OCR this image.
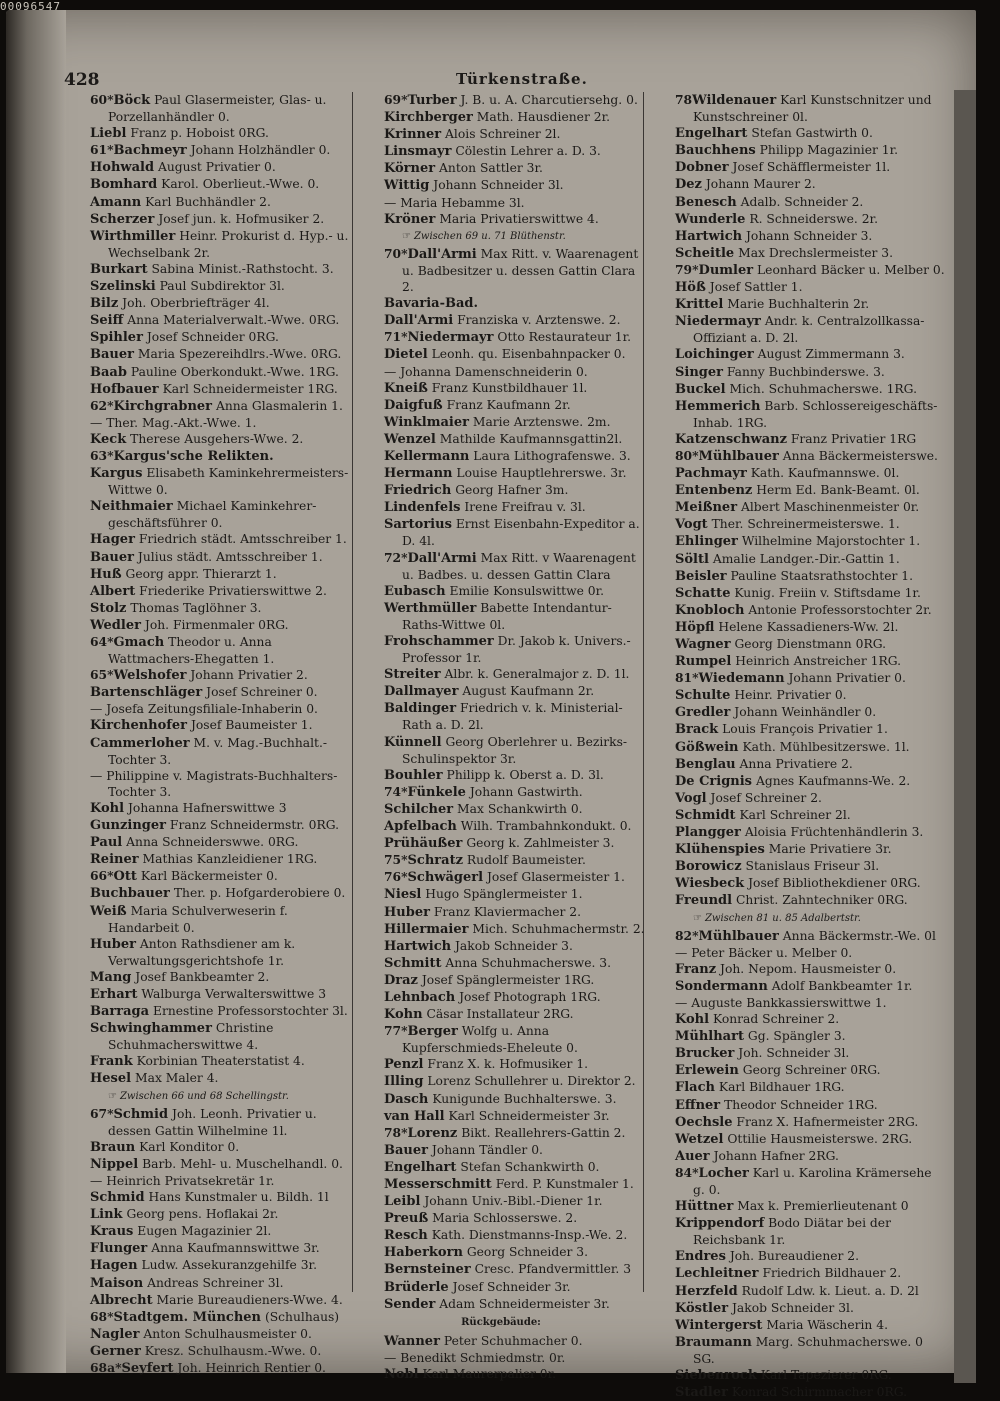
00096547
428	Türkenstraße.

60*Böck Paul Glasermeister, Glas- u. Porzellanhändler 0.

Liebl Franz p. Hoboist 0RG.

61*Bachmeyr Johann Holzhändler 0.

Hohwald August Privatier 0.

Bomhard Karol. Oberlieut.-Wwe. 0.

Amann Karl Buchhändler 2.

Scherzer Josef jun. k. Hofmusiker 2.

Wirthmiller Heinr. Prokurist d. Hyp.- u. Wechselbank 2r.

Burkart Sabina Minist.-Rathstocht. 3.

Szelinski Paul Subdirektor 3l.

Bilz Joh. Oberbriefträger 4l.

Seiff Anna Materialverwalt.-Wwe. 0RG.

Spihler Josef Schneider 0RG.

Bauer Maria Spezereihdlrs.-Wwe. 0RG.

Baab Pauline Oberkondukt.-Wwe. 1RG.

Hofbauer Karl Schneidermeister 1RG.

62*Kirchgrabner Anna Glasmalerin 1.

— Ther. Mag.-Akt.-Wwe. 1.

Keck Therese Ausgehers-Wwe. 2.

63*Kargus'sche Relikten.

Kargus Elisabeth Kaminkehrermeisters-Wittwe 0.

Neithmaier Michael Kaminkehrer-geschäftsführer 0.

Hager Friedrich städt. Amtsschreiber 1.

Bauer Julius städt. Amtsschreiber 1.

Huß Georg appr. Thierarzt 1.

Albert Friederike Privatierswittwe 2.

Stolz Thomas Taglöhner 3.

Wedler Joh. Firmenmaler 0RG.

64*Gmach Theodor u. Anna Wattmachers-Ehegatten 1.

65*Welshofer Johann Privatier 2.

Bartenschläger Josef Schreiner 0.

— Josefa Zeitungsfiliale-Inhaberin 0.

Kirchenhofer Josef Baumeister 1.

Cammerloher M. v. Mag.-Buchhalt.-Tochter 3.

— Philippine v. Magistrats-Buchhalters-Tochter 3.

Kohl Johanna Hafnerswittwe 3

Gunzinger Franz Schneidermstr. 0RG.

Paul Anna Schneiderswwe. 0RG.

Reiner Mathias Kanzleidiener 1RG.

66*Ott Karl Bäckermeister 0.

Buchbauer Ther. p. Hofgarderobiere 0.

Weiß Maria Schulverweserin f. Handarbeit 0.

Huber Anton Rathsdiener am k. Verwaltungsgerichtshofe 1r.

Mang Josef Bankbeamter 2.

Erhart Walburga Verwalterswittwe 3

Barraga Ernestine Professorstochter 3l.

Schwinghammer Christine Schuhmacherswittwe 4.

Frank Korbinian Theaterstatist 4.

Hesel Max Maler 4.

☞ Zwischen 66 und 68 Schellingstr.

67*Schmid Joh. Leonh. Privatier u. dessen Gattin Wilhelmine 1l.

Braun Karl Konditor 0.

Nippel Barb. Mehl- u. Muschelhandl. 0.

— Heinrich Privatsekretär 1r.

Schmid Hans Kunstmaler u. Bildh. 1l

Link Georg pens. Hoflakai 2r.

Kraus Eugen Magazinier 2l.

Flunger Anna Kaufmannswittwe 3r.

Hagen Ludw. Assekuranzgehilfe 3r.

Maison Andreas Schreiner 3l.

Albrecht Marie Bureaudieners-Wwe. 4.

68*Stadtgem. München (Schulhaus)

Nagler Anton Schulhausmeister 0.

Gerner Kresz. Schulhausm.-Wwe. 0.

68a*Seyfert Joh. Heinrich Rentier 0.

69*Turber J. B. u. A. Charcutiersehg. 0.

Kirchberger Math. Hausdiener 2r.

Krinner Alois Schreiner 2l.

Linsmayr Cölestin Lehrer a. D. 3.

Körner Anton Sattler 3r.

Wittig Johann Schneider 3l.

— Maria Hebamme 3l.

Kröner Maria Privatierswittwe 4.

☞ Zwischen 69 u. 71 Blüthenstr.

70*Dall'Armi Max Ritt. v. Waarenagent u. Badbesitzer u. dessen Gattin Clara 2.

Bavaria-Bad.

Dall'Armi Franziska v. Arztenswe. 2.

71*Niedermayr Otto Restaurateur 1r.

Dietel Leonh. qu. Eisenbahnpacker 0.

— Johanna Damenschneiderin 0.

Kneiß Franz Kunstbildhauer 1l.

Daigfuß Franz Kaufmann 2r.

Winklmaier Marie Arztenswe. 2m.

Wenzel Mathilde Kaufmannsgattin2l.

Kellermann Laura Lithografenswe. 3.

Hermann Louise Hauptlehrerswe. 3r.

Friedrich Georg Hafner 3m.

Lindenfels Irene Freifrau v. 3l.

Sartorius Ernst Eisenbahn-Expeditor a. D. 4l.

72*Dall'Armi Max Ritt. v Waarenagent u. Badbes. u. dessen Gattin Clara

Eubasch Emilie Konsulswittwe 0r.

Werthmüller Babette Intendantur-Raths-Wittwe 0l.

Frohschammer Dr. Jakob k. Univers.-Professor 1r.

Streiter Albr. k. Generalmajor z. D. 1l.

Dallmayer August Kaufmann 2r.

Baldinger Friedrich v. k. Ministerial-Rath a. D. 2l.

Künnell Georg Oberlehrer u. Bezirks-Schulinspektor 3r.

Bouhler Philipp k. Oberst a. D. 3l.

74*Fünkele Johann Gastwirth.

Schilcher Max Schankwirth 0.

Apfelbach Wilh. Trambahnkondukt. 0.

Prühäußer Georg k. Zahlmeister 3.

75*Schratz Rudolf Baumeister.

76*Schwägerl Josef Glasermeister 1.

Niesl Hugo Spänglermeister 1.

Huber Franz Klaviermacher 2.

Hillermaier Mich. Schuhmachermstr. 2.

Hartwich Jakob Schneider 3.

Schmitt Anna Schuhmacherswe. 3.

Draz Josef Spänglermeister 1RG.

Lehnbach Josef Photograph 1RG.

Kohn Cäsar Installateur 2RG.

77*Berger Wolfg u. Anna Kupferschmieds-Eheleute 0.

Penzl Franz X. k. Hofmusiker 1.

Illing Lorenz Schullehrer u. Direktor 2.

Dasch Kunigunde Buchhalterswe. 3.

van Hall Karl Schneidermeister 3r.

78*Lorenz Bikt. Reallehrers-Gattin 2.

Bauer Johann Tändler 0.

Engelhart Stefan Schankwirth 0.

Messerschmitt Ferd. P. Kunstmaler 1.

Leibl Johann Univ.-Bibl.-Diener 1r.

Preuß Maria Schlosserswe. 2.

Resch Kath. Dienstmanns-Insp.-We. 2.

Haberkorn Georg Schneider 3.

Bernsteiner Cresc. Pfandvermittler. 3

Brüderle Josef Schneider 3r.

Sender Adam Schneidermeister 3r.

Rückgebäude:

Wanner Peter Schuhmacher 0.

— Benedikt Schmiedmstr. 0r.

Nobl Karl Maurerpalier 0r.

78Wildenauer Karl Kunstschnitzer und Kunstschreiner 0l.

Engelhart Stefan Gastwirth 0.

Bauchhens Philipp Magazinier 1r.

Dobner Josef Schäfflermeister 1l.

Dez Johann Maurer 2.

Benesch Adalb. Schneider 2.

Wunderle R. Schneiderswe. 2r.

Hartwich Johann Schneider 3.

Scheitle Max Drechslermeister 3.

79*Dumler Leonhard Bäcker u. Melber 0.

Höß Josef Sattler 1.

Krittel Marie Buchhalterin 2r.

Niedermayr Andr. k. Centralzollkassa-Offiziant a. D. 2l.

Loichinger August Zimmermann 3.

Singer Fanny Buchbinderswe. 3.

Buckel Mich. Schuhmacherswe. 1RG.

Hemmerich Barb. Schlossereigeschäfts-Inhab. 1RG.

Katzenschwanz Franz Privatier 1RG

80*Mühlbauer Anna Bäckermeisterswe.

Pachmayr Kath. Kaufmannswe. 0l.

Entenbenz Herm Ed. Bank-Beamt. 0l.

Meißner Albert Maschinenmeister 0r.

Vogt Ther. Schreinermeisterswe. 1.

Ehlinger Wilhelmine Majorstochter 1.

Söltl Amalie Landger.-Dir.-Gattin 1.

Beisler Pauline Staatsrathstochter 1.

Schatte Kunig. Freiin v. Stiftsdame 1r.

Knobloch Antonie Professorstochter 2r.

Höpfl Helene Kassadieners-Ww. 2l.

Wagner Georg Dienstmann 0RG.

Rumpel Heinrich Anstreicher 1RG.

81*Wiedemann Johann Privatier 0.

Schulte Heinr. Privatier 0.

Gredler Johann Weinhändler 0.

Brack Louis François Privatier 1.

Gößwein Kath. Mühlbesitzerswe. 1l.

Benglau Anna Privatiere 2.

De Crignis Agnes Kaufmanns-We. 2.

Vogl Josef Schreiner 2.

Schmidt Karl Schreiner 2l.

Plangger Aloisia Früchtenhändlerin 3.

Klühenspies Marie Privatiere 3r.

Borowicz Stanislaus Friseur 3l.

Wiesbeck Josef Bibliothekdiener 0RG.

Freundl Christ. Zahntechniker 0RG.

☞ Zwischen 81 u. 85 Adalbertstr.

82*Mühlbauer Anna Bäckermstr.-We. 0l

— Peter Bäcker u. Melber 0.

Franz Joh. Nepom. Hausmeister 0.

Sondermann Adolf Bankbeamter 1r.

— Auguste Bankkassierswittwe 1.

Kohl Konrad Schreiner 2.

Mühlhart Gg. Spängler 3.

Brucker Joh. Schneider 3l.

Erlewein Georg Schreiner 0RG.

Flach Karl Bildhauer 1RG.

Effner Theodor Schneider 1RG.

Oechsle Franz X. Hafnermeister 2RG.

Wetzel Ottilie Hausmeisterswe. 2RG.

Auer Johann Hafner 2RG.

84*Locher Karl u. Karolina Krämersehe g. 0.

Hüttner Max k. Premierlieutenant 0

Krippendorf Bodo Diätar bei der Reichsbank 1r.

Endres Joh. Bureaudiener 2.

Lechleitner Friedrich Bildhauer 2.

Herzfeld Rudolf Ldw. k. Lieut. a. D. 2l

Köstler Jakob Schneider 3l.

Wintergerst Maria Wäscherin 4.

Braumann Marg. Schuhmacherswe. 0 SG.

Siebenrock Karl Tapezierer 0RG.

Stadler Konrad Schirmmacher 0RG.
